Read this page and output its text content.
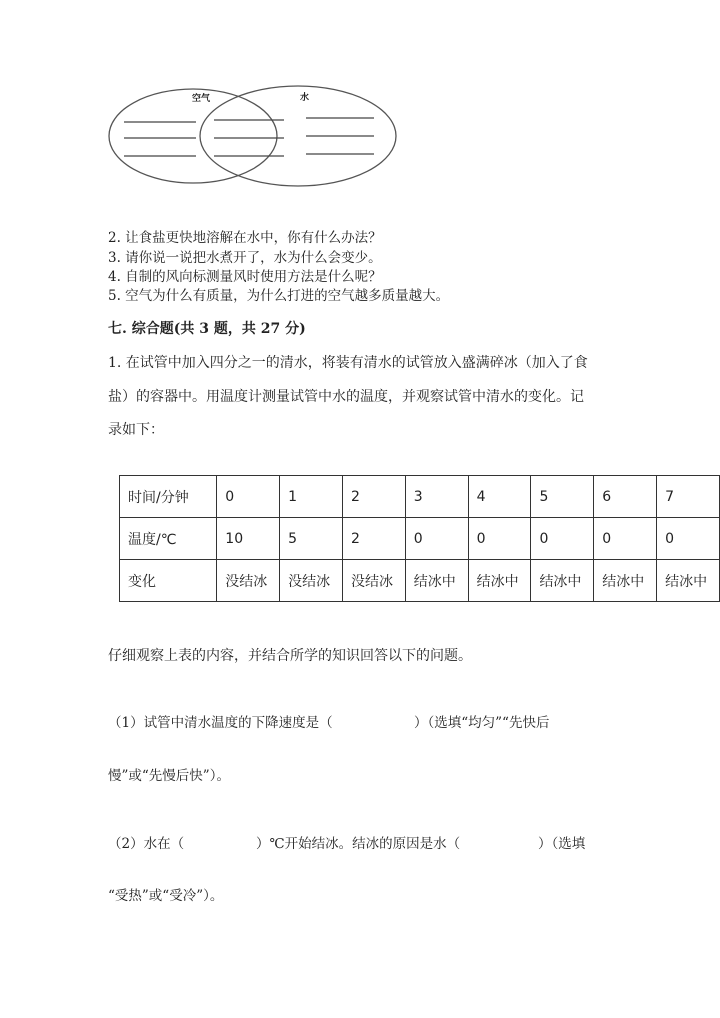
空气	水
2. 让食盐更快地溶解在水中，你有什么办法？
3. 请你说一说把水煮开了，水为什么会变少。
4. 自制的风向标测量风时使用方法是什么呢？
5. 空气为什么有质量，为什么打进的空气越多质量越大。
七. 综合题(共 3 题，共 27 分)
1. 在试管中加入四分之一的清水，将装有清水的试管放入盛满碎冰（加入了食
盐）的容器中。用温度计测量试管中水的温度，并观察试管中清水的变化。记
录如下：
时间/分钟	0	1	2	3	4	5	6	7
温度/℃	10	5	2	0	0	0	0	0
变化	没结冰	没结冰	没结冰	结冰中	结冰中	结冰中	结冰中	结冰中
仔细观察上表的内容，并结合所学的知识回答以下的问题。
（1）试管中清水温度的下降速度是（	）（选填“均匀”“先快后
慢”或“先慢后快”）。
（2）水在（	）℃开始结冰。结冰的原因是水（	）（选填
“受热”或“受冷”）。
